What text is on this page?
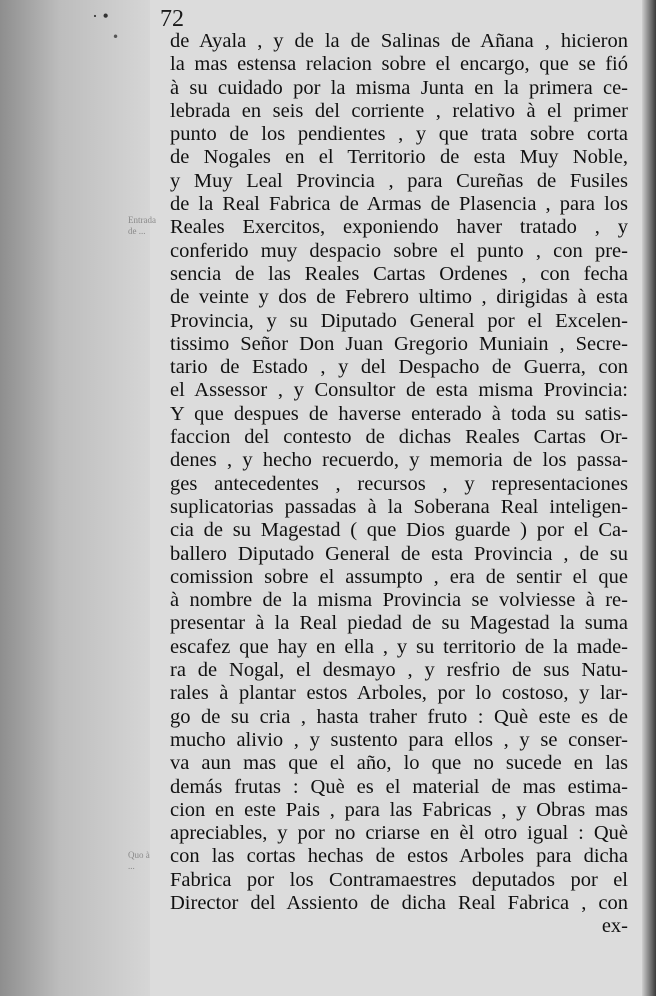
· •
•
Entrada de ...
Quo à ...
72
de Ayala , y de la de Salinas de Añana , hicieron
la mas estensa relacion sobre el encargo, que se fió
à su cuidado por la misma Junta en la primera ce-
lebrada en seis del corriente , relativo à el primer
punto de los pendientes , y que trata sobre corta
de Nogales en el Territorio de esta Muy Noble,
y Muy Leal Provincia , para Cureñas de Fusiles
de la Real Fabrica de Armas de Plasencia , para los
Reales Exercitos, exponiendo haver tratado , y
conferido muy despacio sobre el punto , con pre-
sencia de las Reales Cartas Ordenes , con fecha
de veinte y dos de Febrero ultimo , dirigidas à esta
Provincia, y su Diputado General por el Excelen-
tissimo Señor Don Juan Gregorio Muniain , Secre-
tario de Estado , y del Despacho de Guerra, con
el Assessor , y Consultor de esta misma Provincia:
Y que despues de haverse enterado à toda su satis-
faccion del contesto de dichas Reales Cartas Or-
denes , y hecho recuerdo, y memoria de los passa-
ges antecedentes , recursos , y representaciones
suplicatorias passadas à la Soberana Real inteligen-
cia de su Magestad ( que Dios guarde ) por el Ca-
ballero Diputado General de esta Provincia , de su
comission sobre el assumpto , era de sentir el que
à nombre de la misma Provincia se volviesse à re-
presentar à la Real piedad de su Magestad la suma
escafez que hay en ella , y su territorio de la made-
ra de Nogal, el desmayo , y resfrio de sus Natu-
rales à plantar estos Arboles, por lo costoso, y lar-
go de su cria , hasta traher fruto : Què este es de
mucho alivio , y sustento para ellos , y se conser-
va aun mas que el año, lo que no sucede en las
demás frutas : Què es el material de mas estima-
cion en este Pais , para las Fabricas , y Obras mas
apreciables, y por no criarse en èl otro igual : Què
con las cortas hechas de estos Arboles para dicha
Fabrica por los Contramaestres deputados por el
Director del Assiento de dicha Real Fabrica , con
ex-
